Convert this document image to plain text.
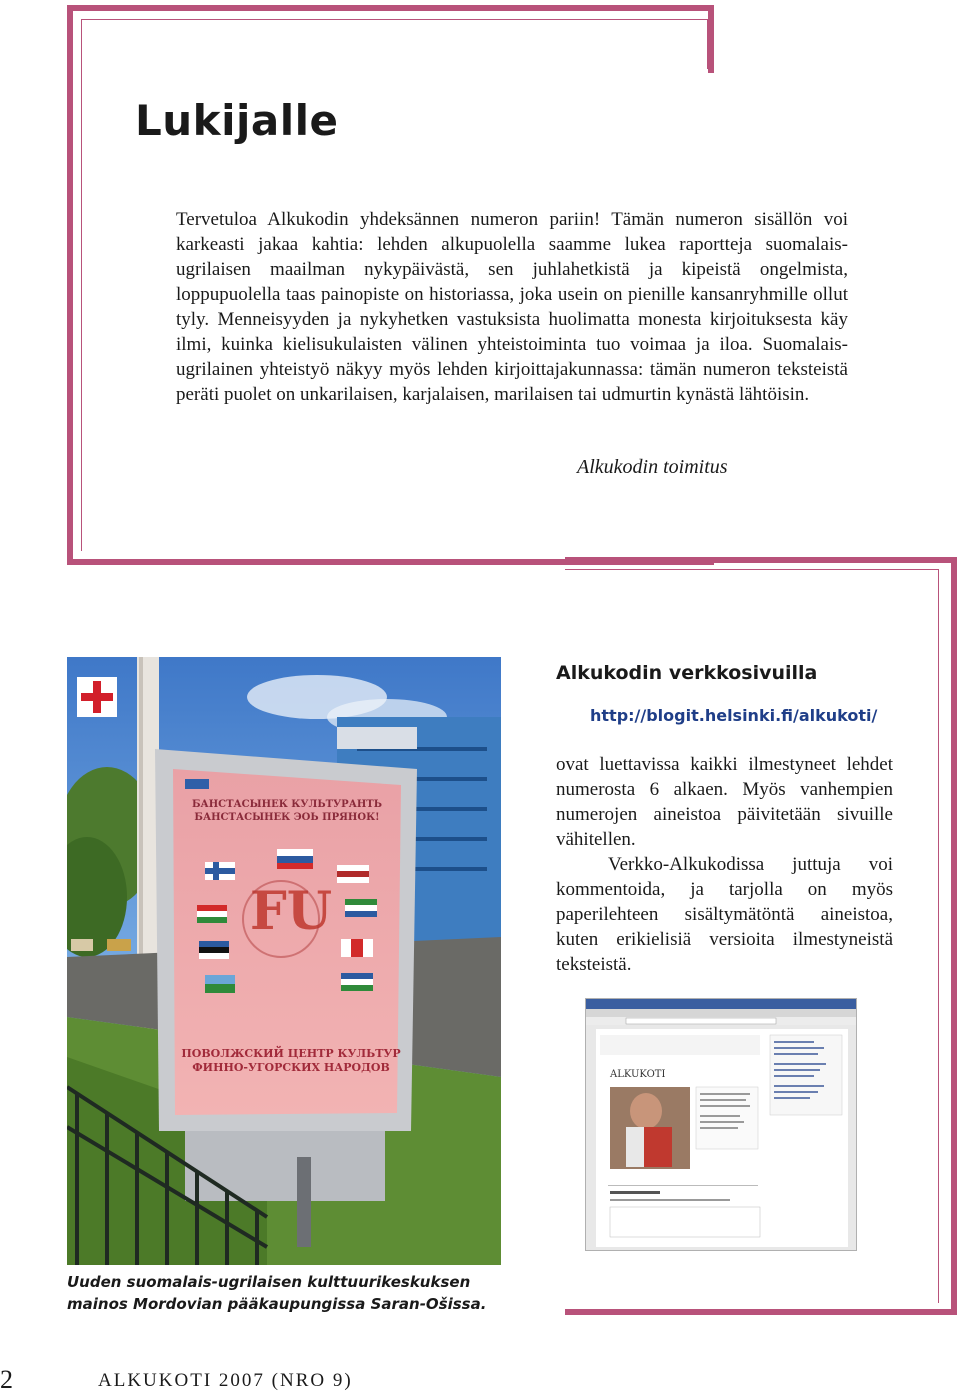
Lukijalle

Tervetuloa Alkukodin yhdeksännen numeron pariin! Tämän numeron sisällön voi karkeasti jakaa kahtia: lehden alkupuolella saamme lukea raportteja suomalais-ugrilaisen maailman nykypäivästä, sen juhlahetkistä ja kipeistä ongelmista, loppupuolella taas painopiste on historiassa, joka usein on pienille kansanryhmille ollut tyly. Menneisyyden ja nykyhetken vastuksista huolimatta monesta kirjoituksesta käy ilmi, kuinka kielisukulaisten välinen yhteistoiminta tuo voimaa ja iloa. Suomalais-ugrilainen yhteistyö näkyy myös lehden kirjoittajakunnassa: tämän numeron teksteistä peräti puolet on unkarilaisen, karjalaisen, marilaisen tai udmurtin kynästä lähtöisin.

Alkukodin toimitus

Alkukodin verkkosivuilla
http://blogit.helsinki.fi/alkukoti/

ovat luettavissa kaikki ilmestyneet lehdet numerosta 6 alkaen. Myös vanhempien numerojen aineistoa päivitetään sivuille vähitellen.

Verkko-Alkukodissa juttuja voi kommentoida, ja tarjolla on myös paperilehteen sisältymätöntä aineistoa, kuten erikielisiä versioita ilmestyneistä teksteistä.

БАНСТАСЫНЕК КУЛЬТУРАНТЬ
БАНСТАСЫНЕК ЭОЬ ПРЯНОК!
FU
ПОВОЛЖСКИЙ ЦЕНТР КУЛЬТУР
ФИННО-УГОРСКИХ НАРОДОВ

Uuden suomalais-ugrilaisen kulttuurikeskuksen mainos Mordovian pääkaupungissa Saran-Ošissa.

ALKUKOTI
2	ALKUKOTI 2007 (NRO 9)
